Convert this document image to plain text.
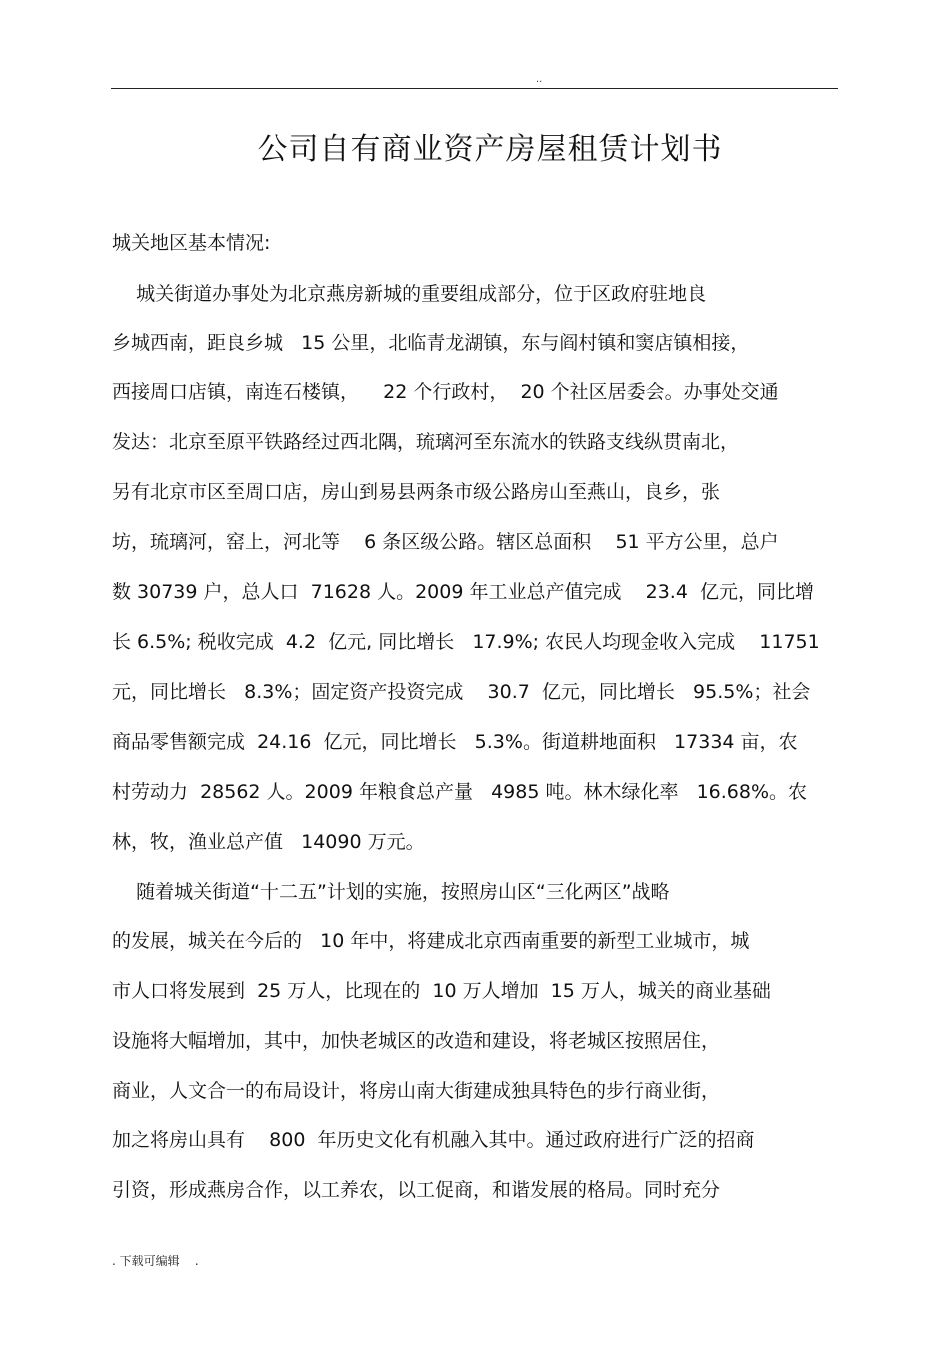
..
公司自有商业资产房屋租赁计划书
城关地区基本情况:
城关街道办事处为北京燕房新城的重要组成部分，位于区政府驻地良
乡城西南，距良乡城   15 公里，北临青龙湖镇，东与阎村镇和窦店镇相接，
西接周口店镇，南连石楼镇，    22 个行政村，  20 个社区居委会。办事处交通
发达：北京至原平铁路经过西北隅，琉璃河至东流水的铁路支线纵贯南北，
另有北京市区至周口店，房山到易县两条市级公路房山至燕山，良乡，张
坊，琉璃河，窑上，河北等    6 条区级公路。辖区总面积    51 平方公里，总户
数 30739 户，总人口  71628 人。2009 年工业总产值完成    23.4  亿元，同比增
长 6.5%; 税收完成  4.2  亿元, 同比增长   17.9%; 农民人均现金收入完成    11751
元，同比增长   8.3%；固定资产投资完成    30.7  亿元，同比增长   95.5%；社会
商品零售额完成  24.16  亿元，同比增长   5.3%。街道耕地面积   17334 亩，农
村劳动力  28562 人。2009 年粮食总产量   4985 吨。林木绿化率   16.68%。农
林，牧，渔业总产值   14090 万元。
随着城关街道“十二五”计划的实施，按照房山区“三化两区”战略
的发展，城关在今后的   10 年中，将建成北京西南重要的新型工业城市，城
市人口将发展到  25 万人，比现在的  10 万人增加  15 万人，城关的商业基础
设施将大幅增加，其中，加快老城区的改造和建设，将老城区按照居住，
商业，人文合一的布局设计，将房山南大街建成独具特色的步行商业街，
加之将房山具有    800  年历史文化有机融入其中。通过政府进行广泛的招商
引资，形成燕房合作，以工养农，以工促商，和谐发展的格局。同时充分
. 下载可编辑    .
